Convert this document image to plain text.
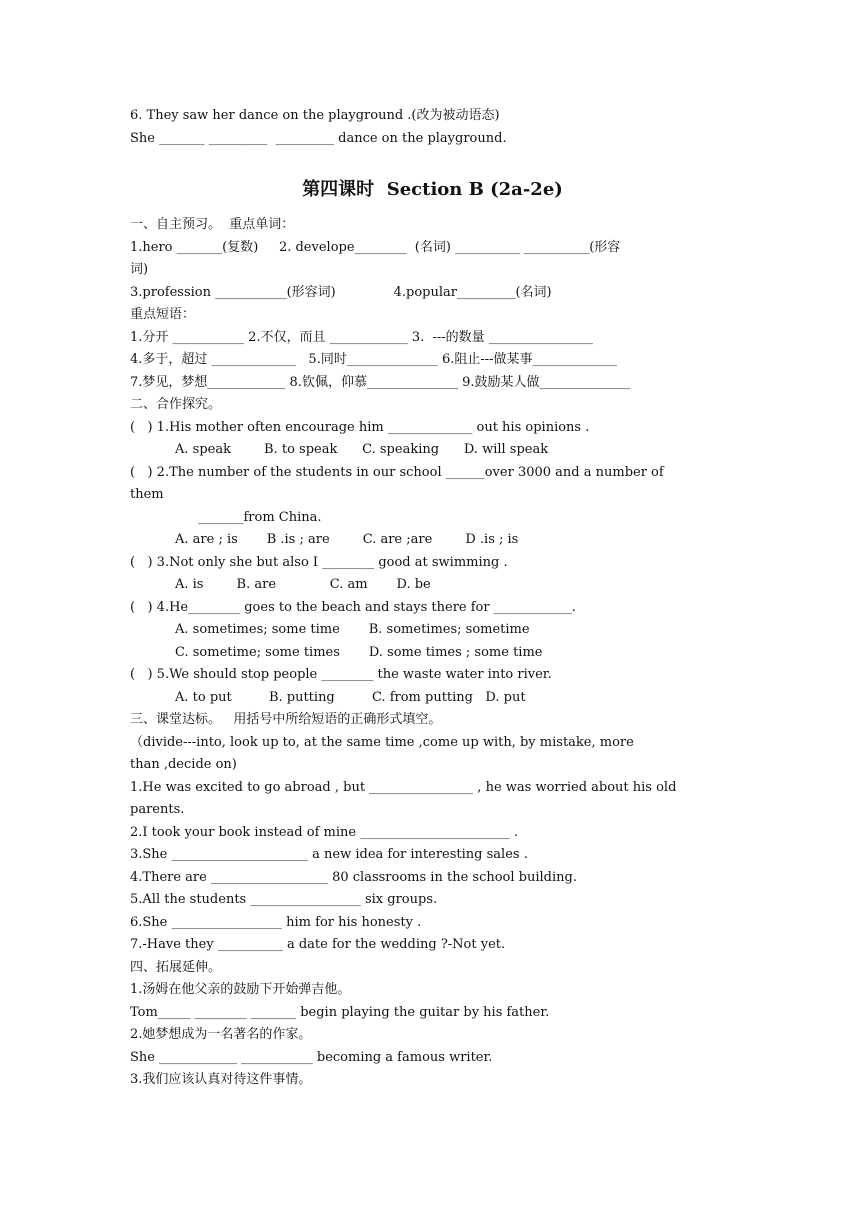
6. They saw her dance on the playground .(改为被动语态)
She _______ _________  _________ dance on the playground.
第四课时  Section B (2a-2e)
一、自主预习。  重点单词：
1.hero _______(复数)     2. develope________  (名词) __________ __________(形容
词)
3.profession ___________(形容词)              4.popular_________(名词)
重点短语：
1.分开 ___________ 2.不仅，而且 ____________ 3.  ---的数量 ________________
4.多于，超过 _____________   5.同时______________ 6.阻止---做某事_____________
7.梦见，梦想____________ 8.钦佩，仰慕______________ 9.鼓励某人做______________
二、合作探究。
(   ) 1.His mother often encourage him _____________ out his opinions .
A. speak        B. to speak      C. speaking      D. will speak
(   ) 2.The number of the students in our school ______over 3000 and a number of
them
_______from China.
A. are ; is       B .is ; are        C. are ;are        D .is ; is
(   ) 3.Not only she but also I ________ good at swimming .
A. is        B. are             C. am       D. be
(   ) 4.He________ goes to the beach and stays there for ____________.
A. sometimes; some time       B. sometimes; sometime
C. sometime; some times       D. some times ; some time
(   ) 5.We should stop people ________ the waste water into river.
A. to put         B. putting         C. from putting   D. put
三、课堂达标。   用括号中所给短语的正确形式填空。
（divide---into, look up to, at the same time ,come up with, by mistake, more
than ,decide on)
1.He was excited to go abroad , but ________________ , he was worried about his old
parents.
2.I took your book instead of mine _______________________ .
3.She _____________________ a new idea for interesting sales .
4.There are __________________ 80 classrooms in the school building.
5.All the students _________________ six groups.
6.She _________________ him for his honesty .
7.-Have they __________ a date for the wedding ?-Not yet.
四、拓展延伸。
1.汤姆在他父亲的鼓励下开始弹吉他。
Tom_____ ________ _______ begin playing the guitar by his father.
2.她梦想成为一名著名的作家。
She ____________ ___________ becoming a famous writer.
3.我们应该认真对待这件事情。
